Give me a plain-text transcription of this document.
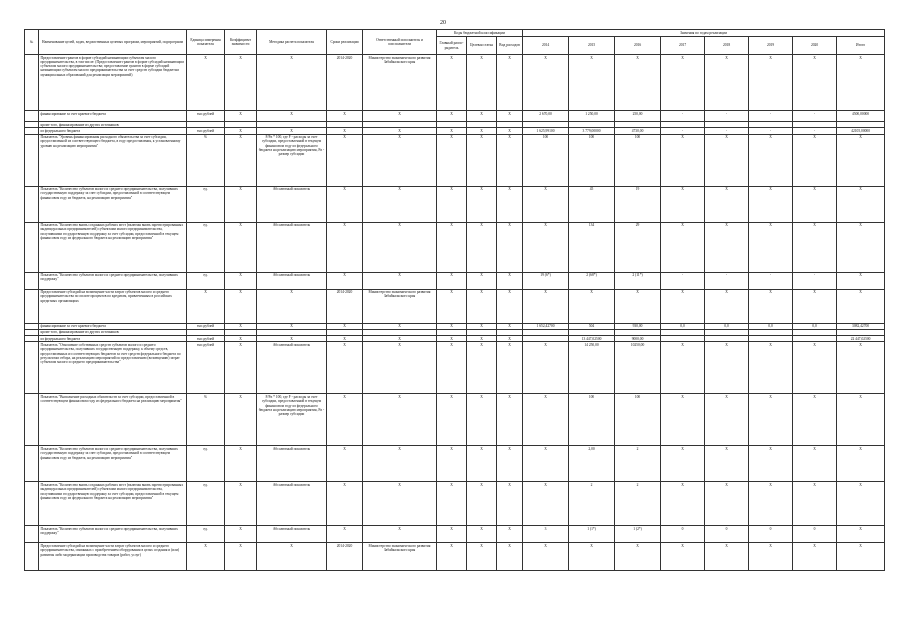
20
№	Наименование целей, задач, ведомственных целевых программ, мероприятий, подпрограмм	Единица измерения показателя	Коэффициент значимости	Методика расчета показателя	Сроки реализации	Ответственный исполнитель и соисполнители	Коды бюджетной классификации			Значения по годам реализации							
							Главный распо-рядитель	Целевая статья	Вид расходов	2014	2015	2016	2017	2018	2019	2020	Итого
	Предоставление грантов в форме субсидий начинающим субъектам малого предпринимательства, в том числе: (Предоставление грантов в форме субсидий начинающим субъектам малого предпринимательства; предоставление грантов в форме субсидий начинающим субъектам малого предпринимательства за счет средств субсидии бюджетам муниципальных образований для реализации мероприятий)	X	X	X	2014-2020	Министерство экономического развития Забайкальского края	X	X	X	X	X	X	X	X	X	X	X
	финансирование за счет краевого бюджета	тыс.рублей	X	X	X	X	X	X	X	2 670,00	1 250,00	250,00	-	-	-	-	4500,00000
	кроме того, финансирование из других источников:																
	из федерального бюджета	тыс.рублей	X	X	X	X	X	X	X	1 625,99100	3 779,00000	4730,00	-	-	-	-	42105,00000
	Показатель "Уровень финансирования расходного обязательства за счет субсидии, предоставленной из соответствующего бюджета, в году предоставления, к установленному уровню на реализацию мероприятия"	%	X	F/Fn * 100, где F - расходы за счет субсидии, предоставленной в текущем финансовом году из федерального бюджета на реализацию мероприятия, Fn - размер субсидии	X	X	X	X	X	100	100	100	X	X	X	X	X
	Показатель "Количество субъектов малого и среднего предпринимательства, получивших государственную поддержку за счет субсидии, предоставленной в соответствующем финансовом году из бюджета, на реализацию мероприятия"	ед.	X	Абсолютный показатель	X	X	X	X	X	X	45	19	X	X	X	X	X
	Показатель "Количество вновь созданных рабочих мест (включая вновь зарегистрированных индивидуальных предпринимателей) субъектами малого предпринимательства, получившими государственную поддержку за счет субсидии, предоставленной в текущем финансовом году из федерального бюджета на реализацию мероприятия"	ед.	X	Абсолютный показатель	X	X	X	X	X	X	134	29	X	X	X	X	X
	Показатель "Количество субъектов малого и среднего предпринимательства, получивших поддержку"	ед.	X	Абсолютный показатель	X	X	X	X	X	19 (6*)	2 (68*)	2 (11*)	-	-	-	-	X
	Предоставление субсидий на возмещение части затрат субъектов малого и среднего предпринимательства по оплате процентов по кредитам, привлеченным в российских кредитных организациях	X	X	X	2014-2020	Министерство экономического развития Забайкальского края	X	X	X	X	X	X	X	X	X	X	X
	финансирование за счет краевого бюджета	тыс.рублей	X	X	X	X	X	X	X	1 652,42700	504	930,00	0,0	0,0	0,0	0,0	3082,42700
	кроме того, финансирование из других источников:																
	из федерального бюджета	тыс.рублей	X	X	X	X	X	X	X		13 447,02500	9000,00					22 447,02500
	Показатель "Отношение собственных средств субъектов малого и среднего предпринимательства, получивших государственную поддержку, к объему средств, предоставленных из соответствующих бюджетов за счет средств федерального бюджета по результатам отбора, на реализацию мероприятий по предоставлению (возмещению) затрат субъектам малого и среднего предпринимательства"	тыс.рублей	X	Абсолютный показатель	X	X	X	X	X	X	14 250,00	10250,00	X	X	X	X	X
	Показатель "Выполнение расходных обязательств за счет субсидии, предоставленной в соответствующем финансовом году из федерального бюджета на реализацию мероприятия"	%	X	F/Fn * 100, где F - расходы за счет субсидии, предоставленной в текущем финансовом году из федерального бюджета на реализацию мероприятия, Fn - размер субсидии	X	X	X	X	X	X	100	100	X	X	X	X	X
	Показатель "Количество субъектов малого и среднего предпринимательства, получивших государственную поддержку за счет субсидии, предоставленной в соответствующем финансовом году из бюджета, на реализацию мероприятия"	ед.	X	Абсолютный показатель	X	X	X	X	X	X	2,00	2	X	X	X	X	X
	Показатель "Количество вновь созданных рабочих мест (включая вновь зарегистрированных индивидуальных предпринимателей) субъектами малого предпринимательства, получившими государственную поддержку за счет субсидии, предоставленной в текущем финансовом году из федерального бюджета на реализацию мероприятия"	ед.	X	Абсолютный показатель	X	X	X	X	X	X	2	2	X	X	X	X	X
	Показатель "Количество субъектов малого и среднего предпринимательства, получивших поддержку"	ед.	X	Абсолютный показатель	X	X	X	X	X	3	1 (1*)	1 (2*)	0	0	0	0	X
	Предоставление субсидий на возмещение части затрат субъектов малого и среднего предпринимательства, связанных с приобретением оборудования в целях создания и (или) развития либо модернизации производства товаров (работ, услуг)	X	X	X	2014-2020	Министерство экономического развития Забайкальского края	X	X	X	X	X	X	X	X	X	X	X
